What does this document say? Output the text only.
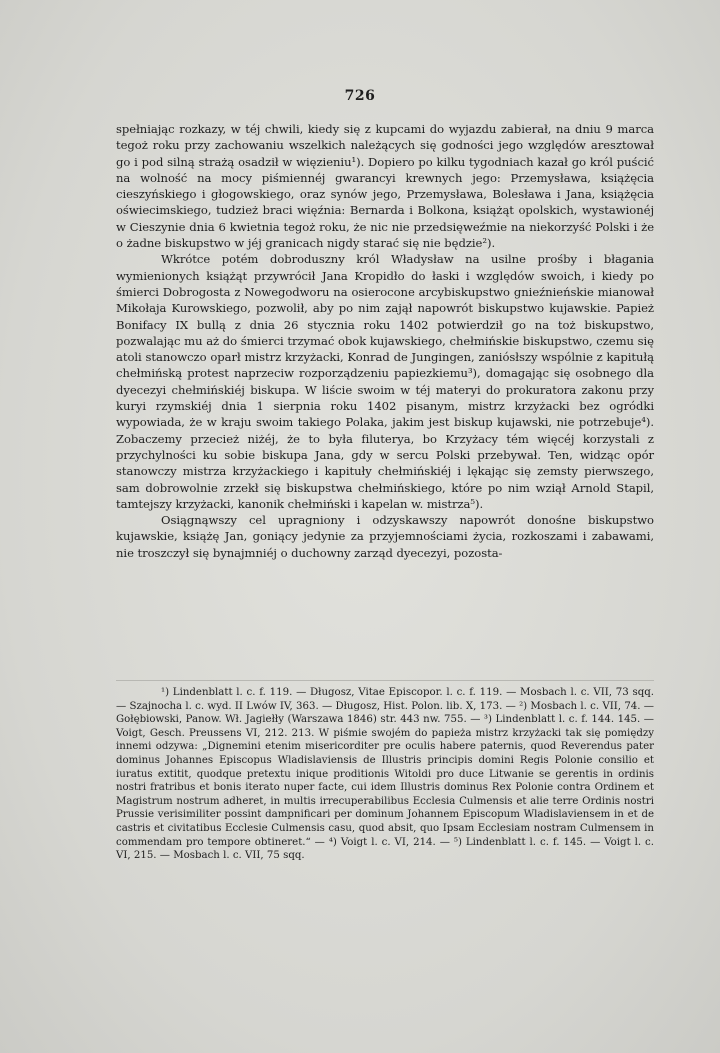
726

spełniając rozkazy, w téj chwili, kiedy się z kupcami do wyjazdu zabierał, na dniu 9 marca tegoż roku przy zachowaniu wszelkich należących się godności jego względów aresztował go i pod silną strażą osadził w więzieniu¹). Dopiero po kilku tygodniach kazał go król puścić na wolność na mocy piśmiennéj gwarancyi krewnych jego: Przemysława, książęcia cieszyńskiego i głogowskiego, oraz synów jego, Przemysława, Bolesława i Jana, książęcia oświecimskiego, tudzież braci więźnia: Bernarda i Bolkona, książąt opolskich, wystawionéj w Cieszynie dnia 6 kwietnia tegoż roku, że nic nie przedsięweźmie na niekorzyść Polski i że o żadne biskupstwo w jéj granicach nigdy starać się nie będzie²).

Wkrótce potém dobroduszny król Władysław na usilne prośby i błagania wymienionych książąt przywrócił Jana Kropidło do łaski i względów swoich, i kiedy po śmierci Dobrogosta z Nowegodworu na osierocone arcybiskupstwo gnieźnieńskie mianował Mikołaja Kurowskiego, pozwolił, aby po nim zajął napowrót biskupstwo kujawskie. Papież Bonifacy IX bullą z dnia 26 stycznia roku 1402 potwierdził go na toż biskupstwo, pozwalając mu aż do śmierci trzymać obok kujawskiego, chełmińskie biskupstwo, czemu się atoli stanowczo oparł mistrz krzyżacki, Konrad de Jungingen, zaniósłszy wspólnie z kapitułą chełmińską protest naprzeciw rozporządzeniu papiezkiemu³), domagając się osobnego dla dyecezyi chełmińskiéj biskupa. W liście swoim w téj materyi do prokuratora zakonu przy kuryi rzymskiéj dnia 1 sierpnia roku 1402 pisanym, mistrz krzyżacki bez ogródki wypowiada, że w kraju swoim takiego Polaka, jakim jest biskup kujawski, nie potrzebuje⁴). Zobaczemy przecież niżéj, że to była filuterya, bo Krzyżacy tém więcéj korzystali z przychylności ku sobie biskupa Jana, gdy w sercu Polski przebywał. Ten, widząc opór stanowczy mistrza krzyżackiego i kapituły chełmińskiéj i lękając się zemsty pierwszego, sam dobrowolnie zrzekł się biskupstwa chełmińskiego, które po nim wziął Arnold Stapil, tamtejszy krzyżacki, kanonik chełmiński i kapelan w. mistrza⁵).

Osiągnąwszy cel upragniony i odzyskawszy napowrót donośne biskupstwo kujawskie, książę Jan, goniący jedynie za przyjemnościami życia, rozkoszami i zabawami, nie troszczył się bynajmniéj o duchowny zarząd dyecezyi, pozosta-

¹) Lindenblatt l. c. f. 119. — Długosz, Vitae Episcopor. l. c. f. 119. — Mosbach l. c. VII, 73 sqq. — Szajnocha l. c. wyd. II Lwów IV, 363. — Długosz, Hist. Polon. lib. X, 173. — ²) Mosbach l. c. VII, 74. — Gołębiowski, Panow. Wł. Jagiełły (Warszawa 1846) str. 443 nw. 755. — ³) Lindenblatt l. c. f. 144. 145. — Voigt, Gesch. Preussens VI, 212. 213. W piśmie swojém do papieża mistrz krzyżacki tak się pomiędzy innemi odzywa: „Dignemini etenim misericorditer pre oculis habere paternis, quod Reverendus pater dominus Johannes Episcopus Wladislaviensis de Illustris principis domini Regis Polonie consilio et iuratus extitit, quodque pretextu inique proditionis Witoldi pro duce Litwanie se gerentis in ordinis nostri fratribus et bonis iterato nuper facte, cui idem Illustris dominus Rex Polonie contra Ordinem et Magistrum nostrum adheret, in multis irrecuperabilibus Ecclesia Culmensis et alie terre Ordinis nostri Prussie verisimiliter possint dampnificari per dominum Johannem Episcopum Wladislaviensem in et de castris et civitatibus Ecclesie Culmensis casu, quod absit, quo Ipsam Ecclesiam nostram Culmensem in commendam pro tempore obtineret.“ — ⁴) Voigt l. c. VI, 214. — ⁵) Lindenblatt l. c. f. 145. — Voigt l. c. VI, 215. — Mosbach l. c. VII, 75 sqq.
